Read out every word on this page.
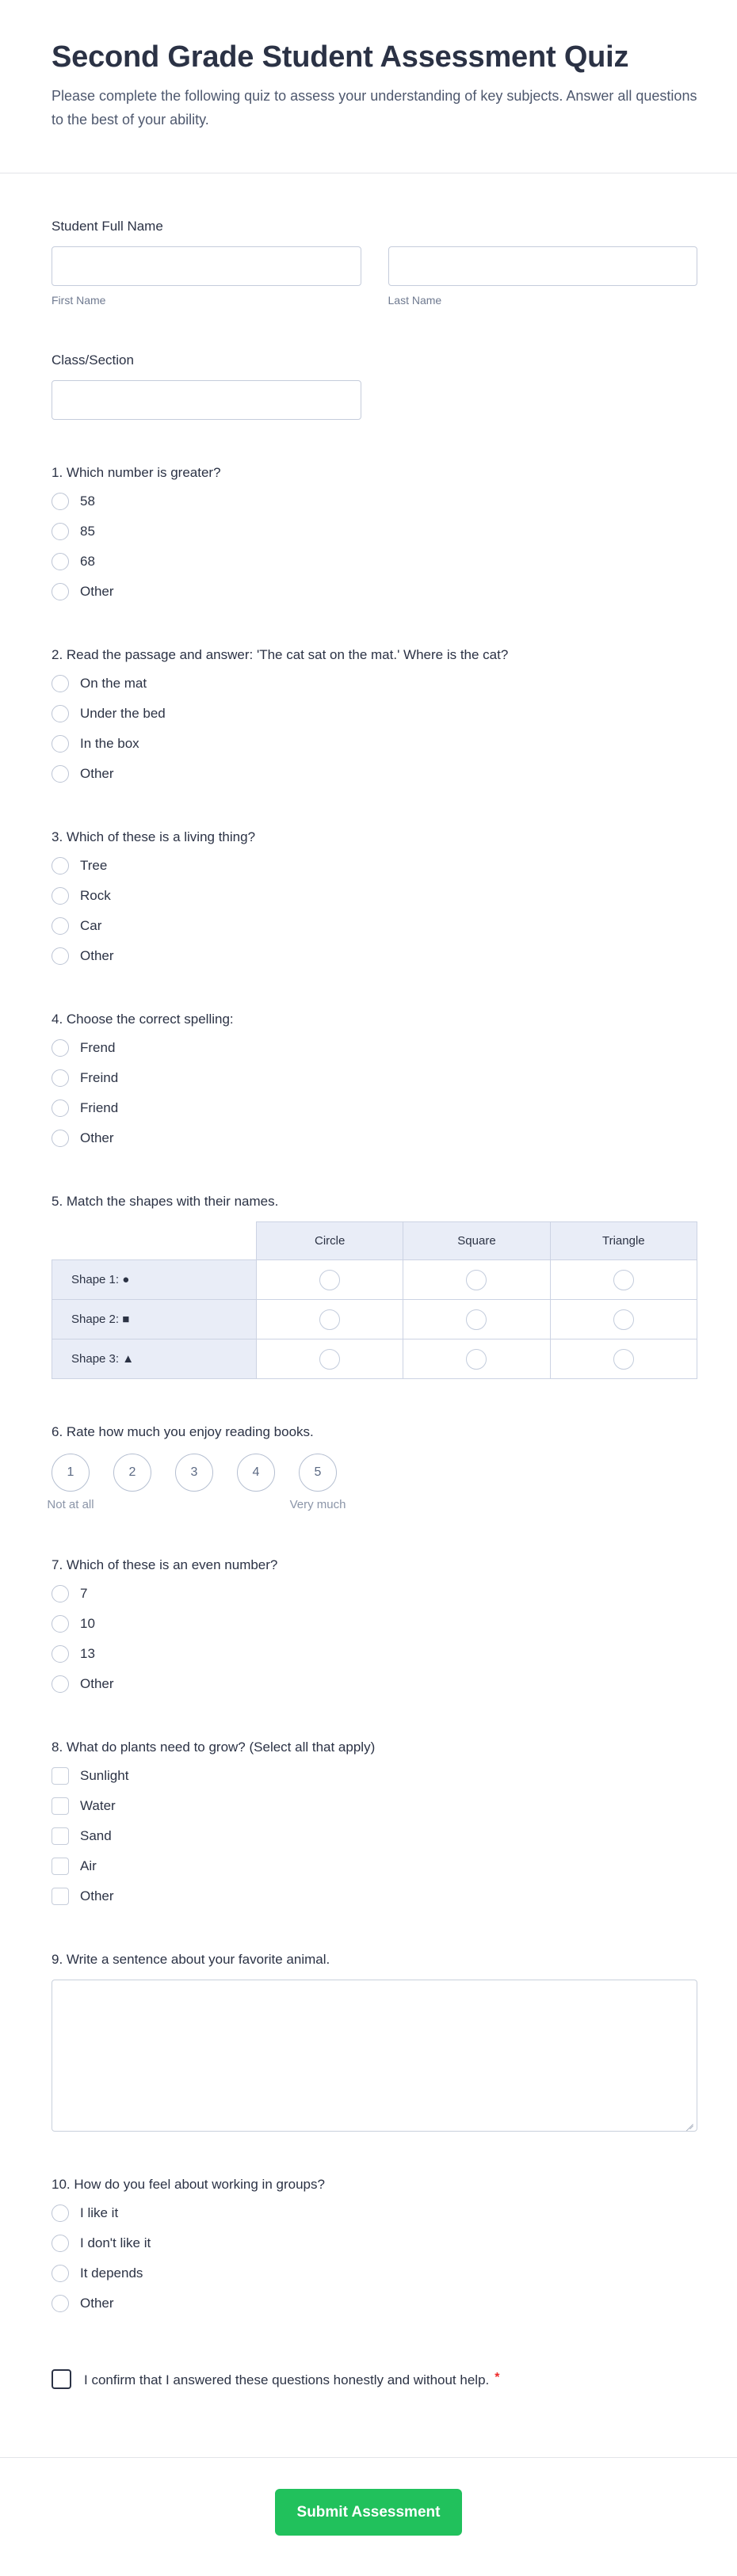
Second Grade Student Assessment Quiz

Please complete the following quiz to assess your understanding of key subjects. Answer all questions to the best of your ability.

Student Full Name
First Name	Last Name
Class/Section
1. Which number is greater?
58
85
68
Other
2. Read the passage and answer: 'The cat sat on the mat.' Where is the cat?
On the mat
Under the bed
In the box
Other
3. Which of these is a living thing?
Tree
Rock
Car
Other
4. Choose the correct spelling:
Frend
Freind
Friend
Other
5. Match the shapes with their names.
	Circle	Square	Triangle
Shape 1: ●			
Shape 2: ■			
Shape 3: ▲			
6. Rate how much you enjoy reading books.
1	2	3	4	5
Not at all	Very much
7. Which of these is an even number?
7
10
13
Other
8. What do plants need to grow? (Select all that apply)
Sunlight
Water
Sand
Air
Other
9. Write a sentence about your favorite animal.
10. How do you feel about working in groups?
I like it
I don't like it
It depends
Other
I confirm that I answered these questions honestly and without help. *
Submit Assessment
